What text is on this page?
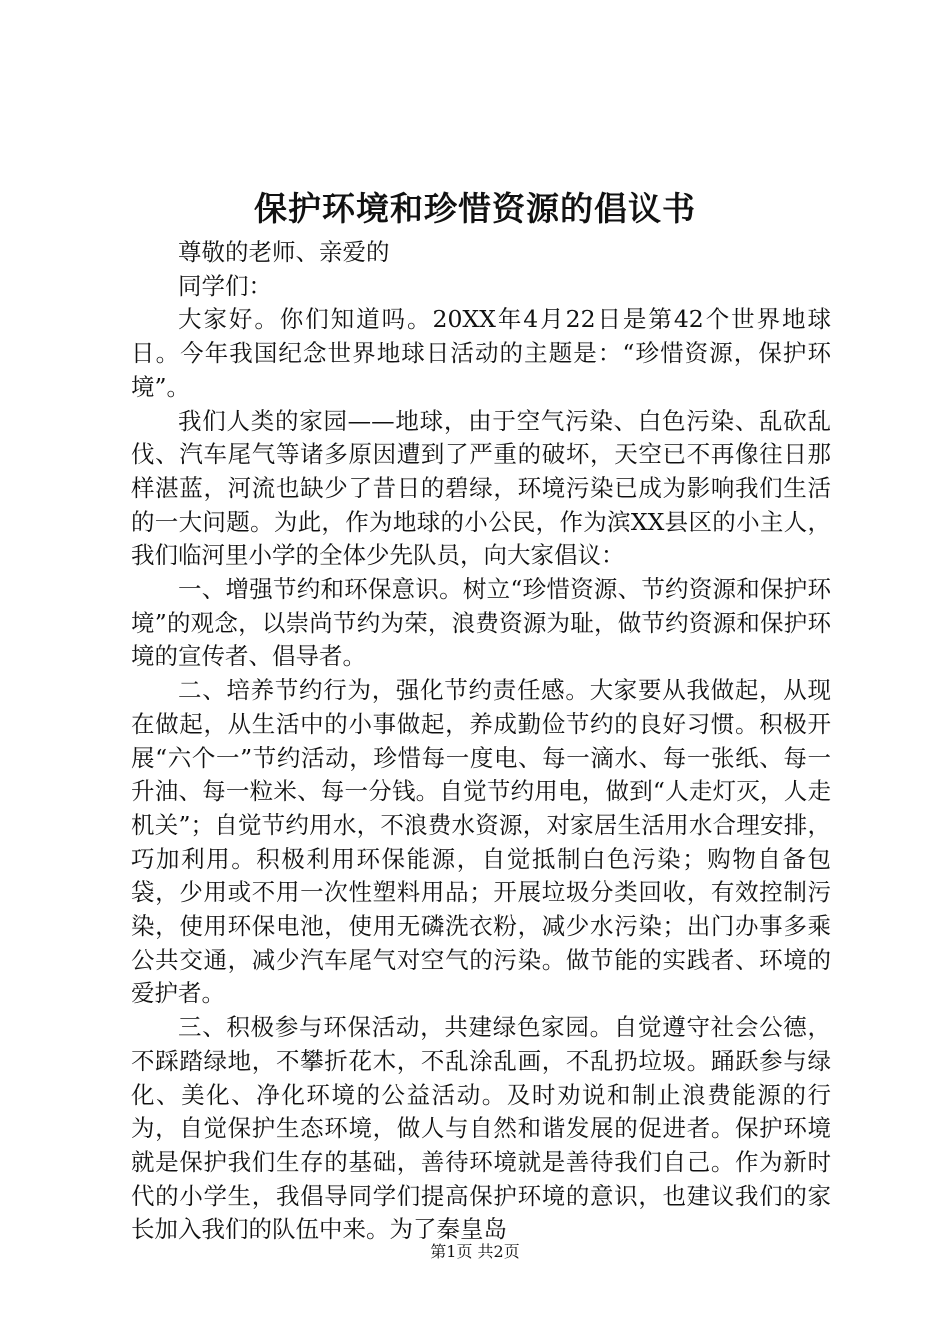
保护环境和珍惜资源的倡议书

尊敬的老师、亲爱的

同学们：

大家好。你们知道吗。20XX年4月22日是第42个世界地球日。今年我国纪念世界地球日活动的主题是：“珍惜资源，保护环境”。

我们人类的家园——地球，由于空气污染、白色污染、乱砍乱伐、汽车尾气等诸多原因遭到了严重的破坏，天空已不再像往日那样湛蓝，河流也缺少了昔日的碧绿，环境污染已成为影响我们生活的一大问题。为此，作为地球的小公民，作为滨XX县区的小主人，我们临河里小学的全体少先队员，向大家倡议：

一、增强节约和环保意识。树立“珍惜资源、节约资源和保护环境”的观念，以崇尚节约为荣，浪费资源为耻，做节约资源和保护环境的宣传者、倡导者。

二、培养节约行为，强化节约责任感。大家要从我做起，从现在做起，从生活中的小事做起，养成勤俭节约的良好习惯。积极开展“六个一”节约活动，珍惜每一度电、每一滴水、每一张纸、每一升油、每一粒米、每一分钱。自觉节约用电，做到“人走灯灭，人走机关”；自觉节约用水，不浪费水资源，对家居生活用水合理安排，巧加利用。积极利用环保能源，自觉抵制白色污染；购物自备包袋，少用或不用一次性塑料用品；开展垃圾分类回收，有效控制污染，使用环保电池，使用无磷洗衣粉，减少水污染；出门办事多乘公共交通，减少汽车尾气对空气的污染。做节能的实践者、环境的爱护者。

三、积极参与环保活动，共建绿色家园。自觉遵守社会公德，不踩踏绿地，不攀折花木，不乱涂乱画，不乱扔垃圾。踊跃参与绿化、美化、净化环境的公益活动。及时劝说和制止浪费能源的行为，自觉保护生态环境，做人与自然和谐发展的促进者。保护环境就是保护我们生存的基础，善待环境就是善待我们自己。作为新时代的小学生，我倡导同学们提高保护环境的意识，也建议我们的家长加入我们的队伍中来。为了秦皇岛

第1页 共2页
